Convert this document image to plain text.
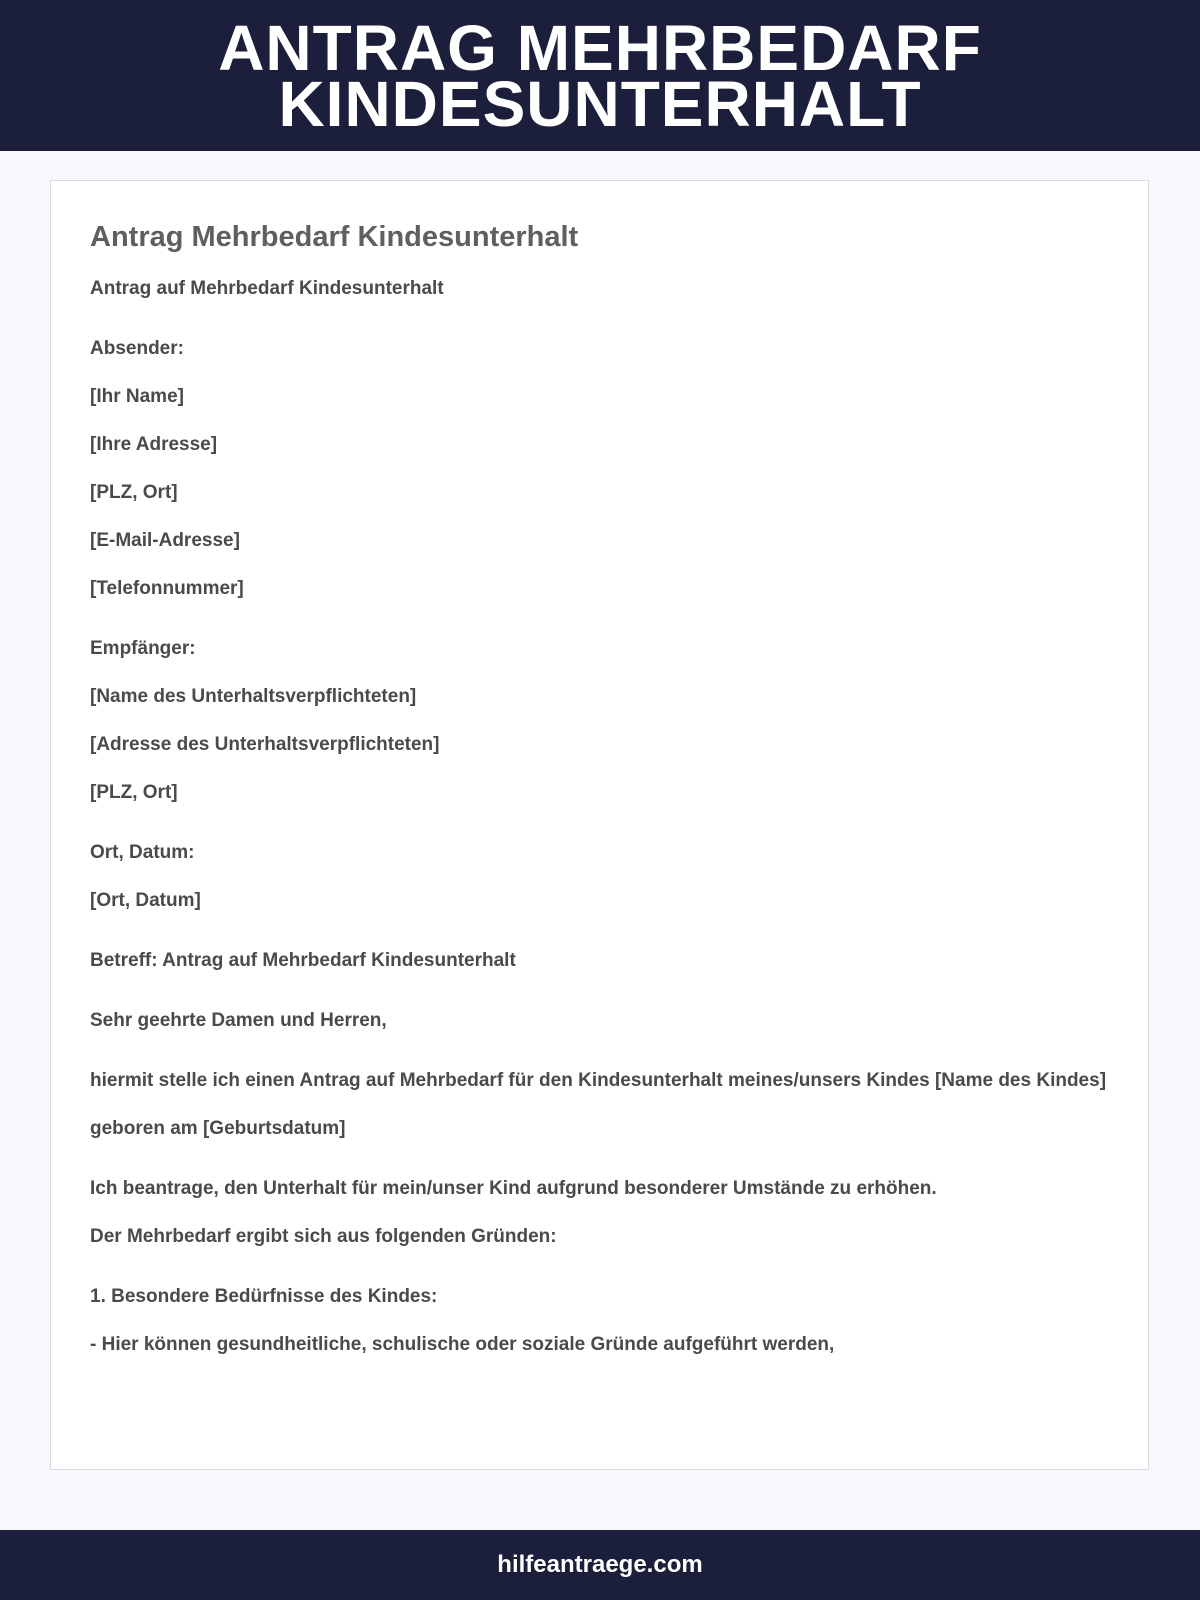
ANTRAG MEHRBEDARF
KINDESUNTERHALT
Antrag Mehrbedarf Kindesunterhalt

Antrag auf Mehrbedarf Kindesunterhalt

Absender:

[Ihr Name]

[Ihre Adresse]

[PLZ, Ort]

[E-Mail-Adresse]

[Telefonnummer]

Empfänger:

[Name des Unterhaltsverpflichteten]

[Adresse des Unterhaltsverpflichteten]

[PLZ, Ort]

Ort, Datum:

[Ort, Datum]

Betreff: Antrag auf Mehrbedarf Kindesunterhalt

Sehr geehrte Damen und Herren,

hiermit stelle ich einen Antrag auf Mehrbedarf für den Kindesunterhalt meines/unsers Kindes [Name des Kindes]

geboren am [Geburtsdatum]

Ich beantrage, den Unterhalt für mein/unser Kind aufgrund besonderer Umstände zu erhöhen.

Der Mehrbedarf ergibt sich aus folgenden Gründen:

1. Besondere Bedürfnisse des Kindes:

- Hier können gesundheitliche, schulische oder soziale Gründe aufgeführt werden,

hilfeantraege.com
